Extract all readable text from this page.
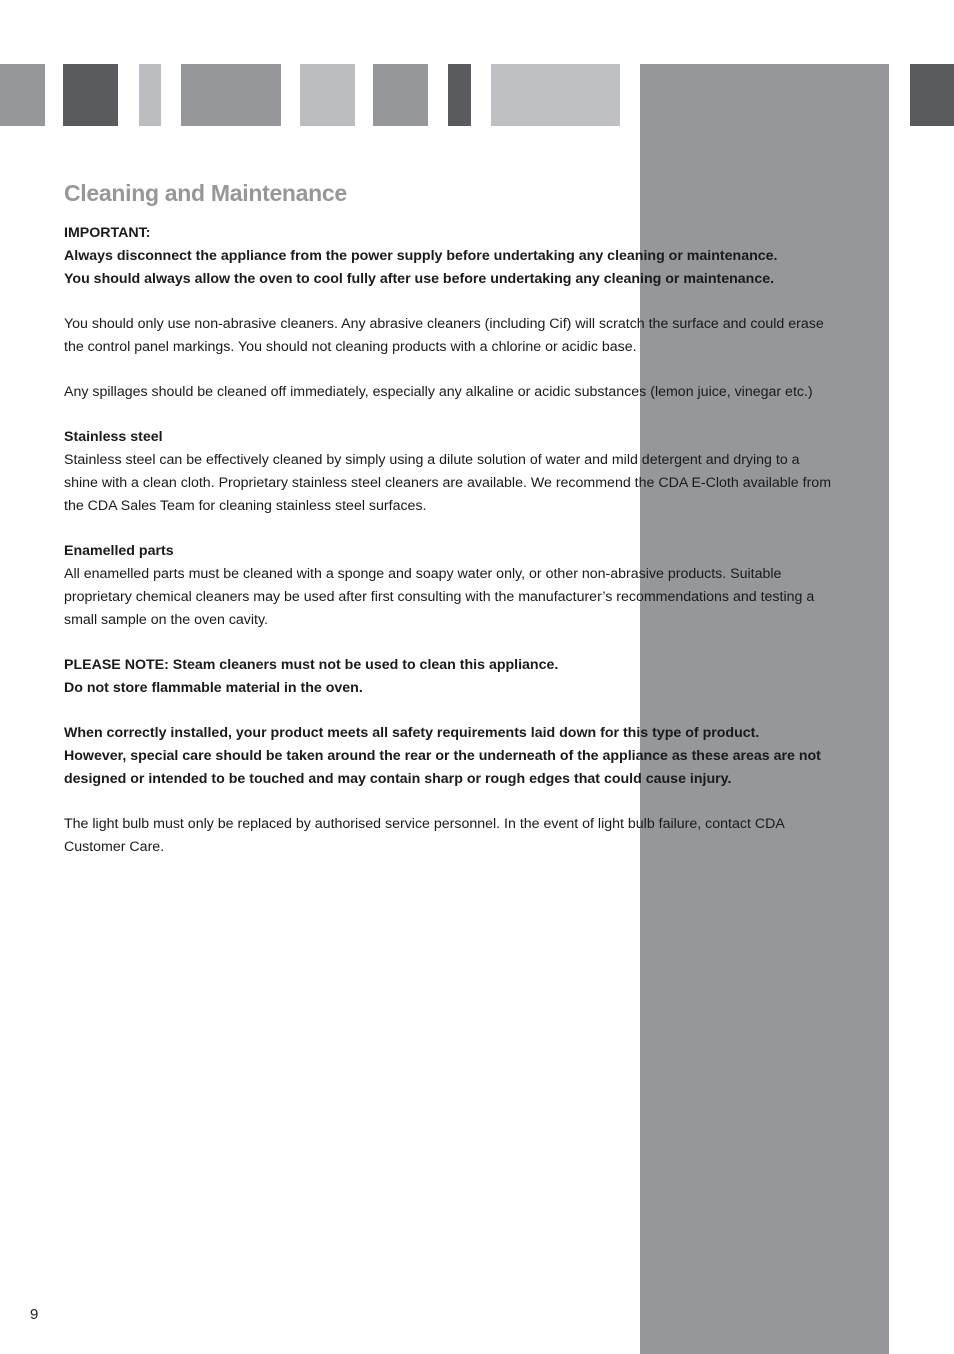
Cleaning and Maintenance

IMPORTANT:

Always disconnect the appliance from the power supply before undertaking any cleaning or maintenance.

You should always allow the oven to cool fully after use before undertaking any cleaning or maintenance.

You should only use non-abrasive cleaners. Any abrasive cleaners (including Cif) will scratch the surface and could erase the control panel markings. You should not cleaning products with a chlorine or acidic base.

Any spillages should be cleaned off immediately, especially any alkaline or acidic substances (lemon juice, vinegar etc.)

Stainless steel

Stainless steel can be effectively cleaned by simply using a dilute solution of water and mild detergent and drying to a shine with a clean cloth. Proprietary stainless steel cleaners are available. We recommend the CDA E-Cloth available from the CDA Sales Team for cleaning stainless steel surfaces.

Enamelled parts

All enamelled parts must be cleaned with a sponge and soapy water only, or other non-abrasive products. Suitable proprietary chemical cleaners may be used after first consulting with the manufacturer’s recommendations and testing a small sample on the oven cavity.

PLEASE NOTE: Steam cleaners must not be used to clean this appliance.

Do not store flammable material in the oven.

When correctly installed, your product meets all safety requirements laid down for this type of product.

However, special care should be taken around the rear or the underneath of the appliance as these areas are not designed or intended to be touched and may contain sharp or rough edges that could cause injury.

The light bulb must only be replaced by authorised service personnel. In the event of light bulb failure, contact CDA Customer Care.

9
